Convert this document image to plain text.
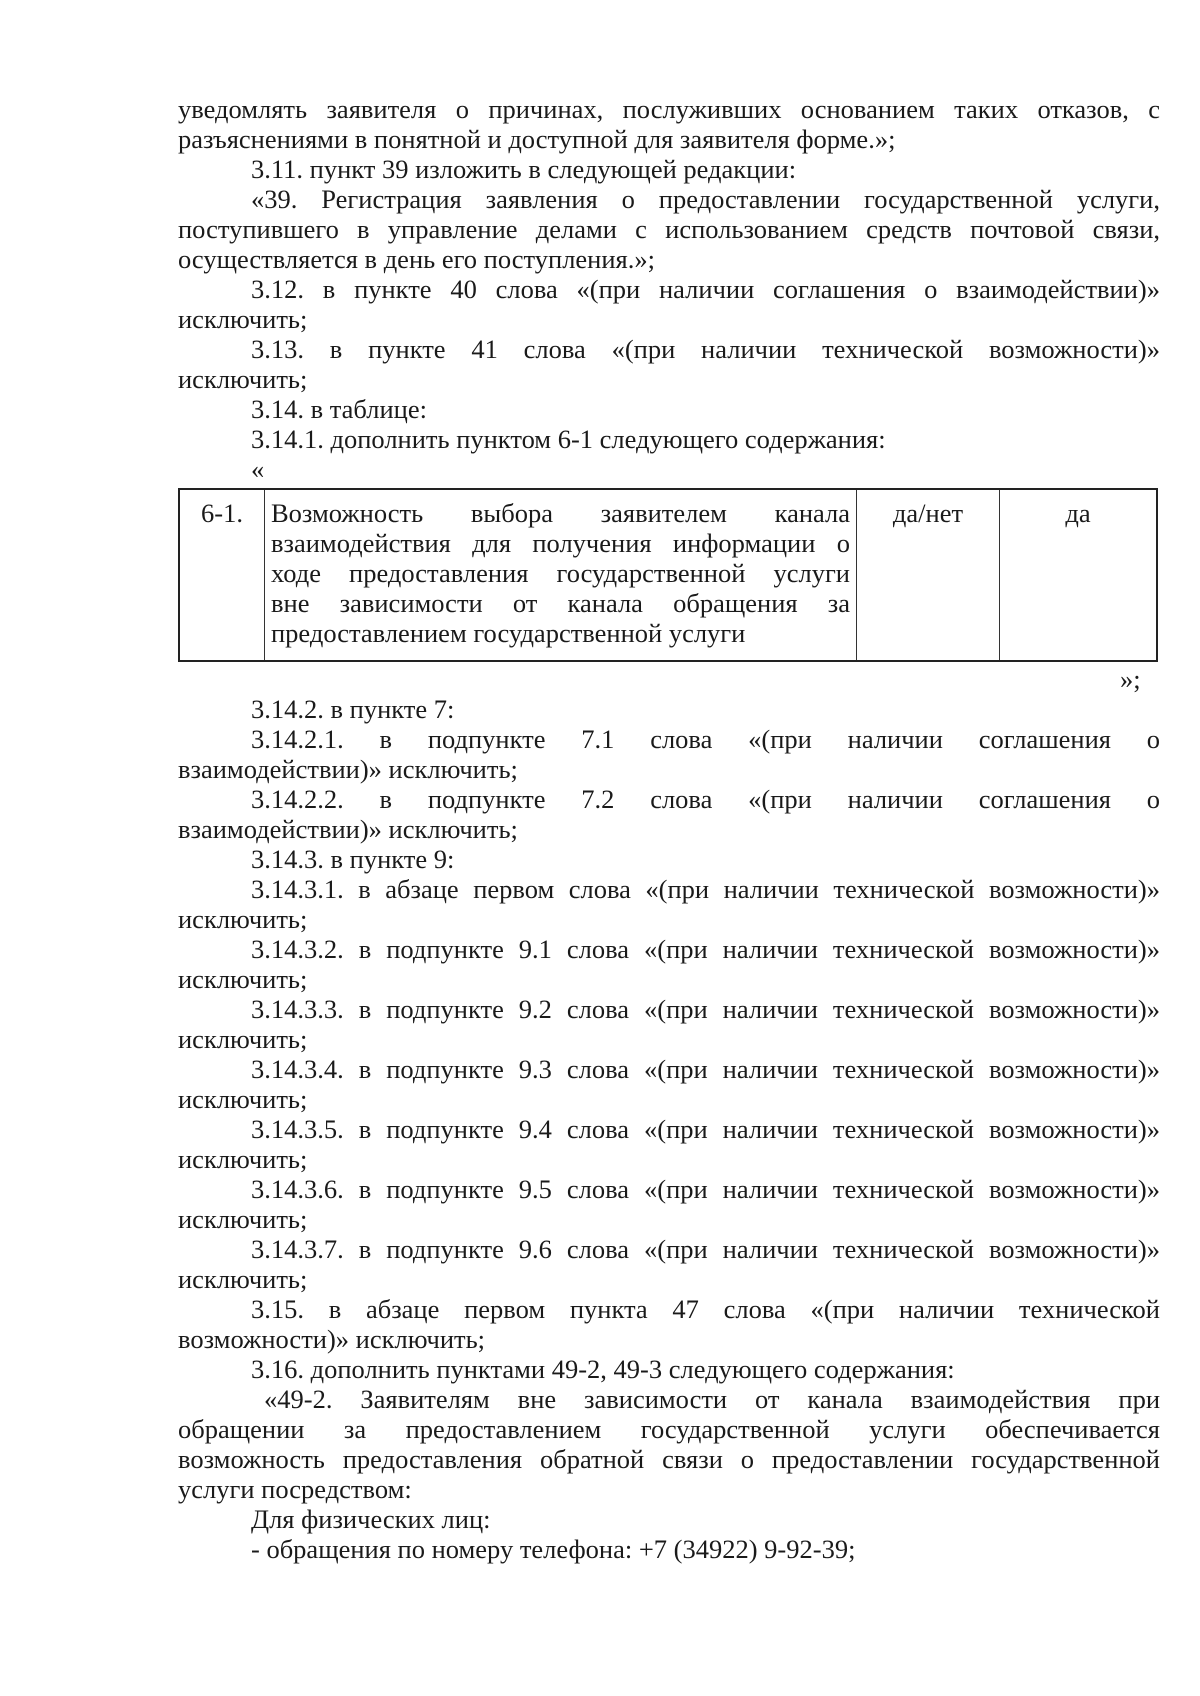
уведомлять заявителя о причинах, послуживших основанием таких отказов, с
разъяснениями в понятной и доступной для заявителя форме.»;
3.11. пункт 39 изложить в следующей редакции:
«39. Регистрация заявления о предоставлении государственной услуги,
поступившего в управление делами с использованием средств почтовой связи,
осуществляется в день его поступления.»;
3.12. в пункте 40 слова «(при наличии соглашения о взаимодействии)»
исключить;
3.13. в пункте 41 слова «(при наличии технической возможности)»
исключить;
3.14. в таблице:
3.14.1. дополнить пунктом 6-1 следующего содержания:
«
6-1.	Возможность выбора заявителем канала
взаимодействия для получения информации о
ходе предоставления государственной услуги
вне зависимости от канала обращения за
предоставлением государственной услуги
да/нет	да
»;
3.14.2. в пункте 7:
3.14.2.1. в подпункте 7.1 слова «(при наличии соглашения о
взаимодействии)» исключить;
3.14.2.2. в подпункте 7.2 слова «(при наличии соглашения о
взаимодействии)» исключить;
3.14.3. в пункте 9:
3.14.3.1. в абзаце первом слова «(при наличии технической возможности)»
исключить;
3.14.3.2. в подпункте 9.1 слова «(при наличии технической возможности)»
исключить;
3.14.3.3. в подпункте 9.2 слова «(при наличии технической возможности)»
исключить;
3.14.3.4. в подпункте 9.3 слова «(при наличии технической возможности)»
исключить;
3.14.3.5. в подпункте 9.4 слова «(при наличии технической возможности)»
исключить;
3.14.3.6. в подпункте 9.5 слова «(при наличии технической возможности)»
исключить;
3.14.3.7. в подпункте 9.6 слова «(при наличии технической возможности)»
исключить;
3.15. в абзаце первом пункта 47 слова «(при наличии технической
возможности)» исключить;
3.16. дополнить пунктами 49-2, 49-3 следующего содержания:
«49-2. Заявителям вне зависимости от канала взаимодействия при
обращении за предоставлением государственной услуги обеспечивается
возможность предоставления обратной связи о предоставлении государственной
услуги посредством:
Для физических лиц:
- обращения по номеру телефона: +7 (34922) 9-92-39;
